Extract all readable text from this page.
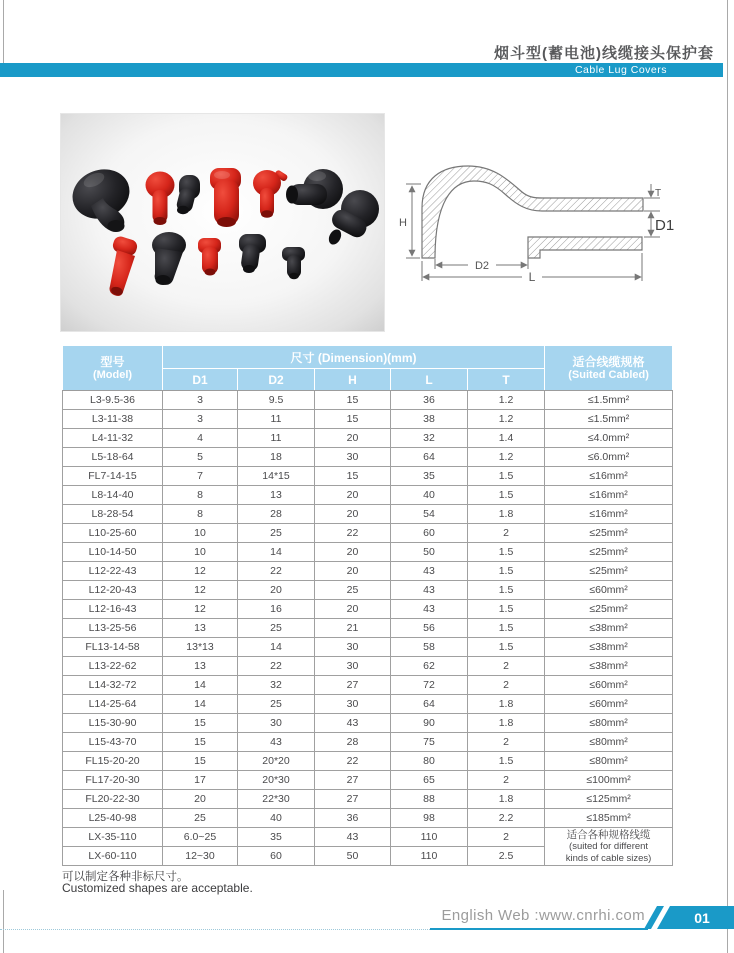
烟斗型(蓄电池)线缆接头保护套
Cable Lug Covers
H
D2
L
T
D1
型号
(Model)
	尺寸 (Dimension)(mm)	适合线缆规格
(Suited Cabled)

	D1	D2	H	L	T	
L3-9.5-36	3	9.5	15	36	1.2	≤1.5mm²
L3-11-38	3	11	15	38	1.2	≤1.5mm²
L4-11-32	4	11	20	32	1.4	≤4.0mm²
L5-18-64	5	18	30	64	1.2	≤6.0mm²
FL7-14-15	7	14*15	15	35	1.5	≤16mm²
L8-14-40	8	13	20	40	1.5	≤16mm²
L8-28-54	8	28	20	54	1.8	≤16mm²
L10-25-60	10	25	22	60	2	≤25mm²
L10-14-50	10	14	20	50	1.5	≤25mm²
L12-22-43	12	22	20	43	1.5	≤25mm²
L12-20-43	12	20	25	43	1.5	≤60mm²
L12-16-43	12	16	20	43	1.5	≤25mm²
L13-25-56	13	25	21	56	1.5	≤38mm²
FL13-14-58	13*13	14	30	58	1.5	≤38mm²
L13-22-62	13	22	30	62	2	≤38mm²
L14-32-72	14	32	27	72	2	≤60mm²
L14-25-64	14	25	30	64	1.8	≤60mm²
L15-30-90	15	30	43	90	1.8	≤80mm²
L15-43-70	15	43	28	75	2	≤80mm²
FL15-20-20	15	20*20	22	80	1.5	≤80mm²
FL17-20-30	17	20*30	27	65	2	≤100mm²
FL20-22-30	20	22*30	27	88	1.8	≤125mm²
L25-40-98	25	40	36	98	2.2	≤185mm²
LX-35-110	6.0~25	35	43	110	2	适合各种规格线缆
(suited for different
kinds of cable sizes)

LX-60-110	12~30	60	50	110	2.5	
可以制定各种非标尺寸。
Customized shapes are acceptable.
English Web :www.cnrhi.com	01
